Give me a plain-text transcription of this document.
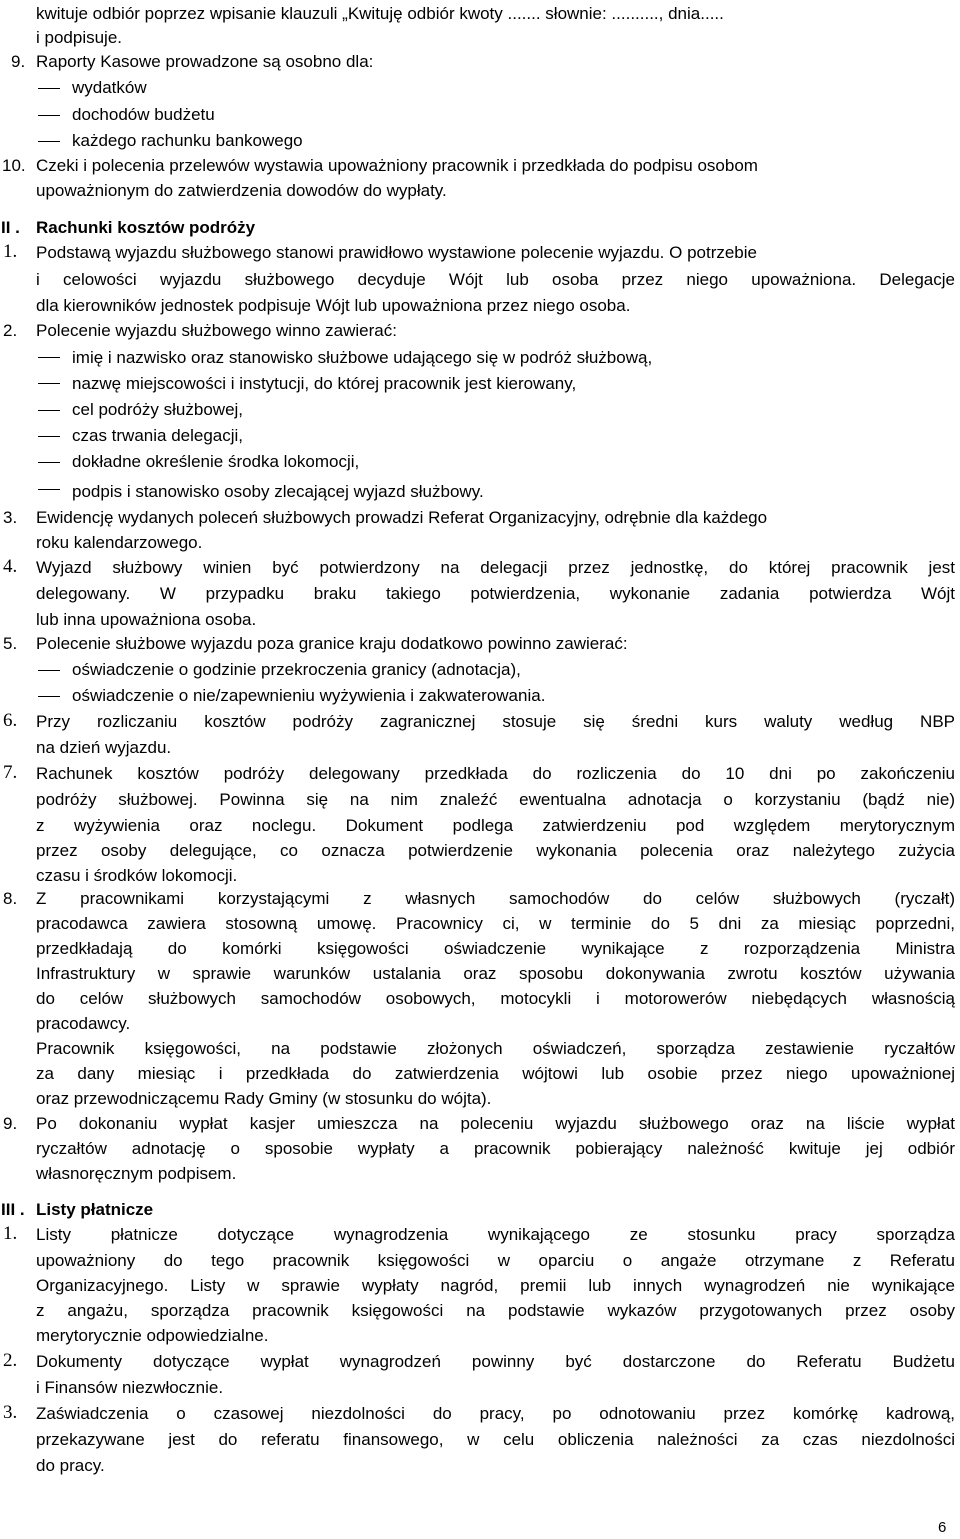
kwituje odbiór poprzez wpisanie klauzuli „Kwituję odbiór kwoty ....... słownie: .........., dnia.....
i podpisuje.
9. Raporty Kasowe prowadzone są osobno dla:
wydatków
dochodów budżetu
każdego rachunku bankowego
10. Czeki i polecenia przelewów wystawia upoważniony pracownik i przedkłada do podpisu osobom
upoważnionym do zatwierdzenia dowodów do wypłaty.
II . Rachunki kosztów podróży
1. Podstawą wyjazdu służbowego stanowi prawidłowo wystawione polecenie wyjazdu. O potrzebie
i celowości wyjazdu służbowego decyduje Wójt lub osoba przez niego upoważniona. Delegacje
dla kierowników jednostek podpisuje Wójt lub upoważniona przez niego osoba.
2. Polecenie wyjazdu służbowego winno zawierać:
imię i nazwisko oraz stanowisko służbowe udającego się w podróż służbową,
nazwę miejscowości i instytucji, do której pracownik jest kierowany,
cel podróży służbowej,
czas trwania delegacji,
dokładne określenie środka lokomocji,
podpis i stanowisko osoby zlecającej wyjazd służbowy.
3. Ewidencję wydanych poleceń służbowych prowadzi Referat Organizacyjny, odrębnie dla każdego
roku kalendarzowego.
4. Wyjazd służbowy winien być potwierdzony na delegacji przez jednostkę, do której pracownik jest
delegowany. W przypadku braku takiego potwierdzenia, wykonanie zadania potwierdza Wójt
lub inna upoważniona osoba.
5. Polecenie służbowe wyjazdu poza granice kraju dodatkowo powinno zawierać:
oświadczenie o godzinie przekroczenia granicy (adnotacja),
oświadczenie o nie/zapewnieniu wyżywienia i zakwaterowania.
6. Przy rozliczaniu kosztów podróży zagranicznej stosuje się średni kurs waluty według NBP
na dzień wyjazdu.
7. Rachunek kosztów podróży delegowany przedkłada do rozliczenia do 10 dni po zakończeniu
podróży służbowej. Powinna się na nim znaleźć ewentualna adnotacja o korzystaniu (bądź nie)
z wyżywienia oraz noclegu. Dokument podlega zatwierdzeniu pod względem merytorycznym
przez osoby delegujące, co oznacza potwierdzenie wykonania polecenia oraz należytego zużycia
czasu i środków lokomocji.
8. Z pracownikami korzystającymi z własnych samochodów do celów służbowych (ryczałt)
pracodawca zawiera stosowną umowę. Pracownicy ci, w terminie do 5 dni za miesiąc poprzedni,
przedkładają do komórki księgowości oświadczenie wynikające z rozporządzenia Ministra
Infrastruktury w sprawie warunków ustalania oraz sposobu dokonywania zwrotu kosztów używania
do celów służbowych samochodów osobowych, motocykli i motorowerów niebędących własnością
pracodawcy.
Pracownik księgowości, na podstawie złożonych oświadczeń, sporządza zestawienie ryczałtów
za dany miesiąc i przedkłada do zatwierdzenia wójtowi lub osobie przez niego upoważnionej
oraz przewodniczącemu Rady Gminy (w stosunku do wójta).
9. Po dokonaniu wypłat kasjer umieszcza na poleceniu wyjazdu służbowego oraz na liście wypłat
ryczałtów adnotację o sposobie wypłaty a pracownik pobierający należność kwituje jej odbiór
własnoręcznym podpisem.
III . Listy płatnicze
1. Listy płatnicze dotyczące wynagrodzenia wynikającego ze stosunku pracy sporządza
upoważniony do tego pracownik księgowości w oparciu o angaże otrzymane z Referatu
Organizacyjnego. Listy w sprawie wypłaty nagród, premii lub innych wynagrodzeń nie wynikające
z angażu, sporządza pracownik księgowości na podstawie wykazów przygotowanych przez osoby
merytorycznie odpowiedzialne.
2. Dokumenty dotyczące wypłat wynagrodzeń powinny być dostarczone do Referatu Budżetu
i Finansów niezwłocznie.
3. Zaświadczenia o czasowej niezdolności do pracy, po odnotowaniu przez komórkę kadrową,
przekazywane jest do referatu finansowego, w celu obliczenia należności za czas niezdolności
do pracy.
6
